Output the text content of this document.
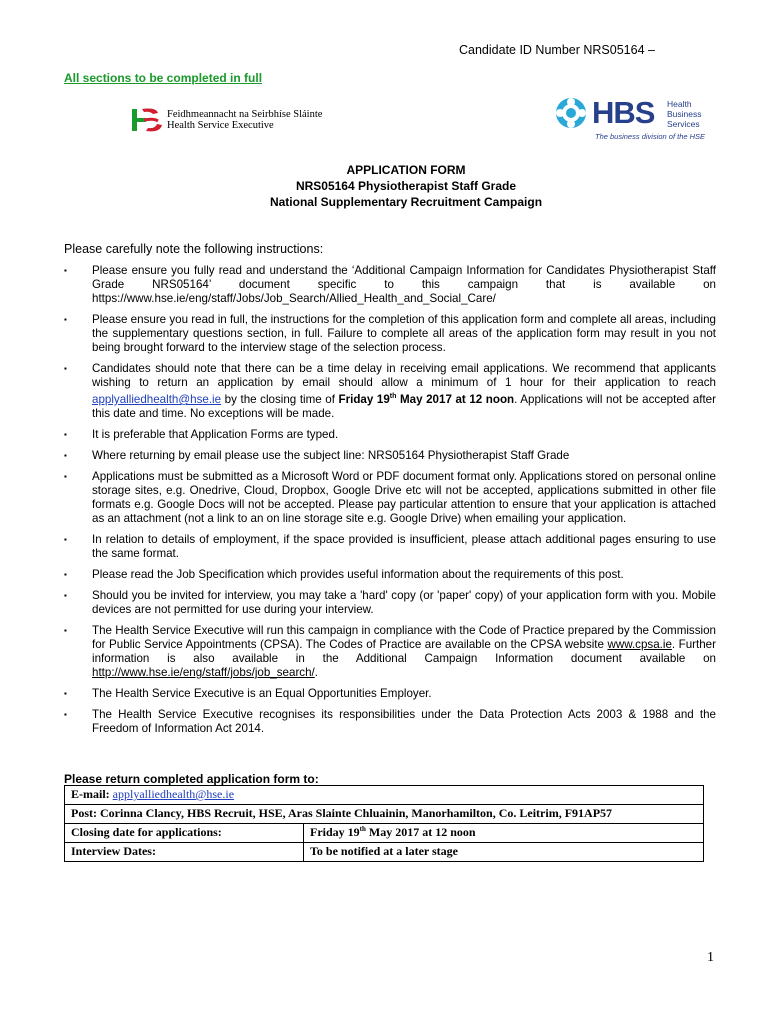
Candidate ID Number NRS05164 –
All sections to be completed in full
Feidhmeannacht na Seirbhíse Sláinte
Health Service Executive	HBS Health
Business
Services
The business division of the HSE
APPLICATION FORM
NRS05164 Physiotherapist Staff Grade
National Supplementary Recruitment Campaign
Please carefully note the following instructions:
▪ Please ensure you fully read and understand the ‘Additional Campaign Information for Candidates Physiotherapist Staff Grade NRS05164’ document specific to this campaign that is available on https://www.hse.ie/eng/staff/Jobs/Job_Search/Allied_Health_and_Social_Care/
▪ Please ensure you read in full, the instructions for the completion of this application form and complete all areas, including the supplementary questions section, in full. Failure to complete all areas of the application form may result in you not being brought forward to the interview stage of the selection process.
▪ Candidates should note that there can be a time delay in receiving email applications. We recommend that applicants wishing to return an application by email should allow a minimum of 1 hour for their application to reach applyalliedhealth@hse.ie by the closing time of Friday 19th May 2017 at 12 noon. Applications will not be accepted after this date and time. No exceptions will be made.
▪ It is preferable that Application Forms are typed.
▪ Where returning by email please use the subject line: NRS05164 Physiotherapist Staff Grade
▪ Applications must be submitted as a Microsoft Word or PDF document format only. Applications stored on personal online storage sites, e.g. Onedrive, Cloud, Dropbox, Google Drive etc will not be accepted, applications submitted in other file formats e.g. Google Docs will not be accepted. Please pay particular attention to ensure that your application is attached as an attachment (not a link to an on line storage site e.g. Google Drive) when emailing your application.
▪ In relation to details of employment, if the space provided is insufficient, please attach additional pages ensuring to use the same format.
▪ Please read the Job Specification which provides useful information about the requirements of this post.
▪ Should you be invited for interview, you may take a 'hard' copy (or 'paper' copy) of your application form with you. Mobile devices are not permitted for use during your interview.
▪ The Health Service Executive will run this campaign in compliance with the Code of Practice prepared by the Commission for Public Service Appointments (CPSA). The Codes of Practice are available on the CPSA website www.cpsa.ie. Further information is also available in the Additional Campaign Information document available on http://www.hse.ie/eng/staff/jobs/job_search/.
▪ The Health Service Executive is an Equal Opportunities Employer.
▪ The Health Service Executive recognises its responsibilities under the Data Protection Acts 2003 & 1988 and the Freedom of Information Act 2014.
Please return completed application form to:
E-mail: applyalliedhealth@hse.ie	
Post: Corinna Clancy, HBS Recruit, HSE, Aras Slainte Chluainin, Manorhamilton, Co. Leitrim, F91AP57	
Closing date for applications:	Friday 19th May 2017 at 12 noon
Interview Dates:	To be notified at a later stage
1
